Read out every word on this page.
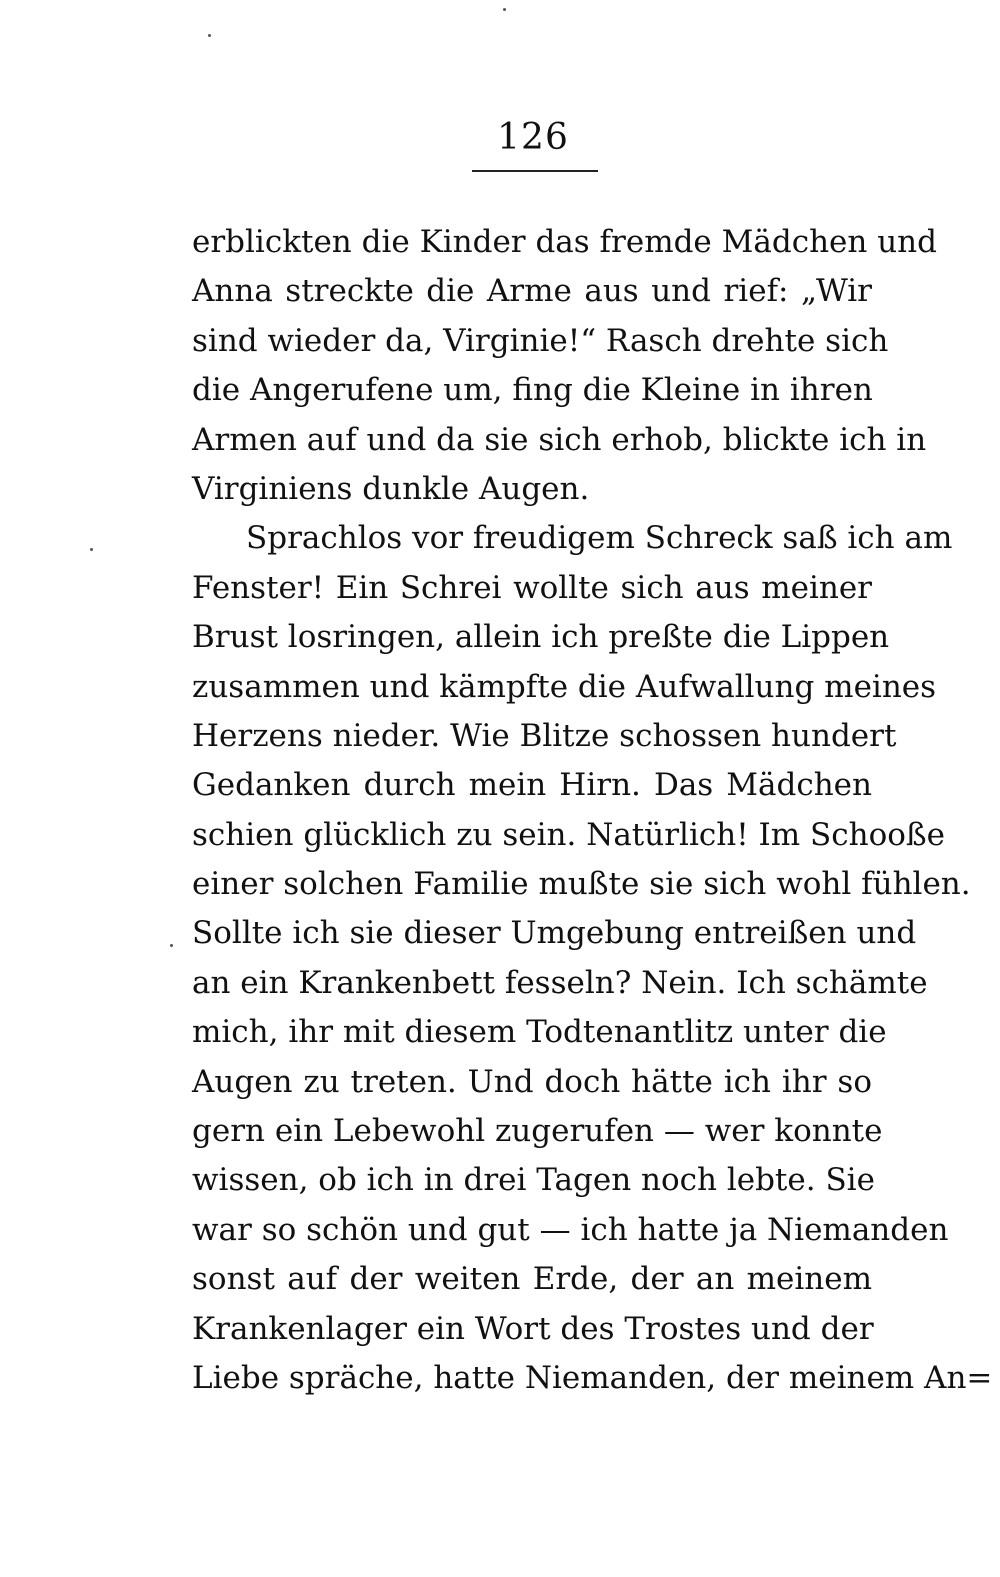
126
erblickten die Kinder das fremde Mädchen und
Anna streckte die Arme aus und rief: „Wir
sind wieder da, Virginie!“ Rasch drehte sich
die Angerufene um, fing die Kleine in ihren
Armen auf und da sie sich erhob, blickte ich in
Virginiens dunkle Augen.
Sprachlos vor freudigem Schreck saß ich am
Fenster! Ein Schrei wollte sich aus meiner
Brust losringen, allein ich preßte die Lippen
zusammen und kämpfte die Aufwallung meines
Herzens nieder. Wie Blitze schossen hundert
Gedanken durch mein Hirn. Das Mädchen
schien glücklich zu sein. Natürlich! Im Schooße
einer solchen Familie mußte sie sich wohl fühlen.
Sollte ich sie dieser Umgebung entreißen und
an ein Krankenbett fesseln? Nein. Ich schämte
mich, ihr mit diesem Todtenantlitz unter die
Augen zu treten. Und doch hätte ich ihr so
gern ein Lebewohl zugerufen — wer konnte
wissen, ob ich in drei Tagen noch lebte. Sie
war so schön und gut — ich hatte ja Niemanden
sonst auf der weiten Erde, der an meinem
Krankenlager ein Wort des Trostes und der
Liebe spräche, hatte Niemanden, der meinem An=
